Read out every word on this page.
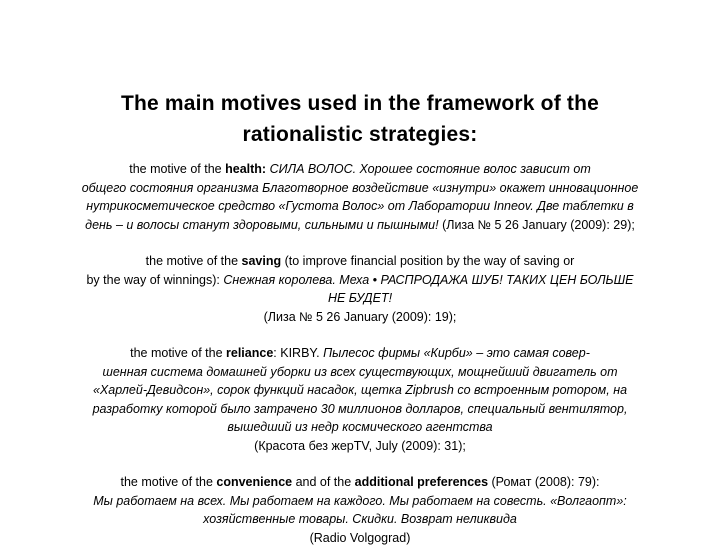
The main motives used in the framework of the
rationalistic strategies:
the motive of the health: СИЛА ВОЛОС. Хорошее состояние волос зависит от
общего состояния организма Благотворное воздействие «изнутри» окажет инновационное
нутрикосметическое средство «Густота Волос» от Лаборатории Inneov. Две таблетки в
день – и волосы станут здоровыми, сильными и пышными! (Лиза № 5 26 January (2009): 29);
the motive of the saving (to improve financial position by the way of saving or
by the way of winnings): Снежная королева. Меха • РАСПРОДАЖА ШУБ! ТАКИХ ЦЕН БОЛЬШЕ
НЕ БУДЕТ!
(Лиза № 5 26 January (2009): 19);
the motive of the reliance: KIRBY. Пылесос фирмы «Кирби» – это самая совер-
шенная система домашней уборки из всех существующих, мощнейший двигатель от
«Харлей-Девидсон», сорок функций насадок, щетка Zipbrush со встроенным ротором, на
разработку которой было затрачено 30 миллионов долларов, специальный вентилятор,
вышедший из недр космического агентства
(Красота без жерTV, July (2009): 31);
the motive of the convenience and of the additional preferences (Ромат (2008): 79):
Мы работаем на всех. Мы работаем на каждого. Мы работаем на совесть. «Волгаопт»:
хозяйственные товары. Скидки. Возврат неликвида
(Radio Volgograd)
